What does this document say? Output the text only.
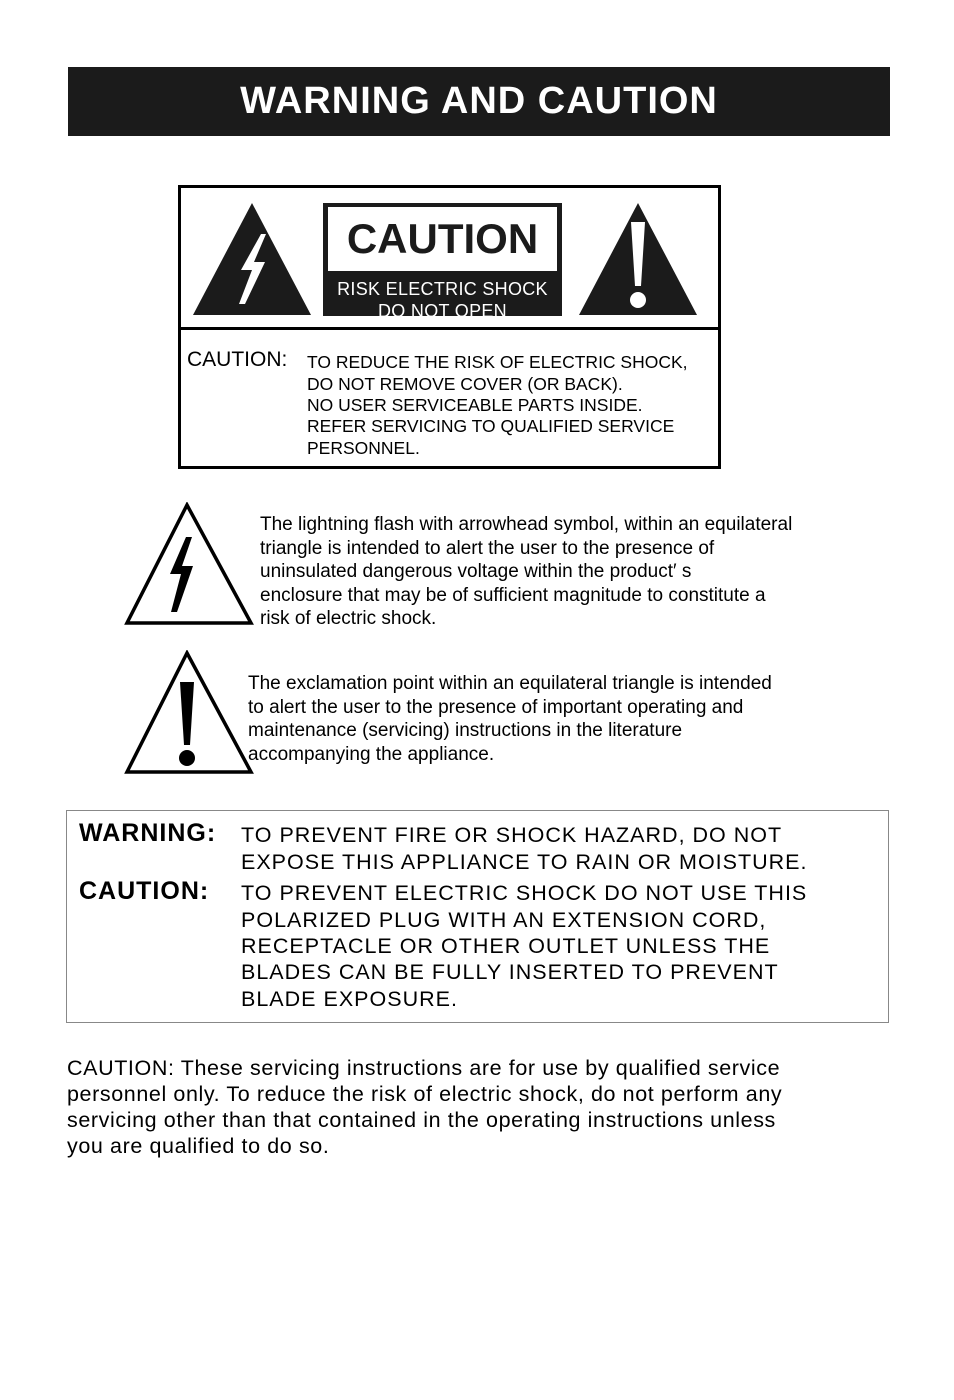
WARNING AND CAUTION
CAUTION
RISK ELECTRIC SHOCK
DO NOT OPEN
CAUTION: TO REDUCE THE RISK OF ELECTRIC SHOCK,
DO NOT REMOVE COVER (OR BACK).
NO USER SERVICEABLE PARTS INSIDE.
REFER SERVICING TO QUALIFIED SERVICE
PERSONNEL.

The lightning flash with arrowhead symbol, within an equilateral

triangle is intended to alert the user to the presence of

uninsulated dangerous voltage within the product′ s

enclosure that may be of sufficient magnitude to constitute a

risk of electric shock.

The exclamation point within an equilateral triangle is intended

to alert the user to the presence of important operating and

maintenance (servicing) instructions in the literature

accompanying the appliance.

WARNING: TO PREVENT FIRE OR SHOCK HAZARD, DO NOT
EXPOSE THIS APPLIANCE TO RAIN OR MOISTURE.
CAUTION: TO PREVENT ELECTRIC SHOCK DO NOT USE THIS
POLARIZED PLUG WITH AN EXTENSION CORD,
RECEPTACLE OR OTHER OUTLET UNLESS THE
BLADES CAN BE FULLY INSERTED TO PREVENT
BLADE EXPOSURE.

CAUTION: These servicing instructions are for use by qualified service

personnel only. To reduce the risk of electric shock, do not perform any

servicing other than that contained in the operating instructions unless

you are qualified to do so.
